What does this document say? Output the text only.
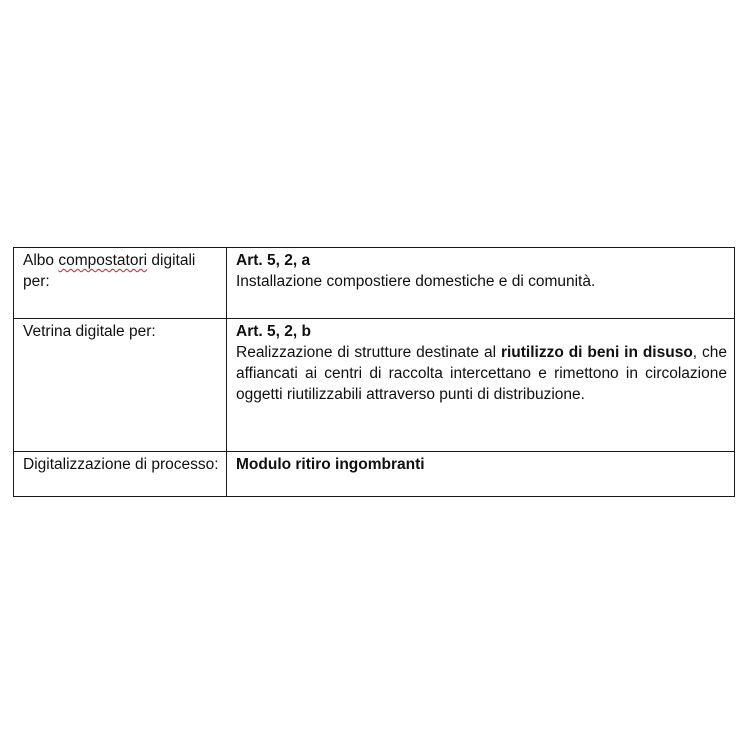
Albo compostatori digitali per:	Art. 5, 2, a
Installazione compostiere domestiche e di comunità.

Vetrina digitale per:	Art. 5, 2, b
Realizzazione di strutture destinate al riutilizzo di beni in disuso, che affiancati ai centri di raccolta intercettano e rimettono in circolazione oggetti riutilizzabili attraverso punti di distribuzione.

Digitalizzazione di processo:	Modulo ritiro ingombranti
